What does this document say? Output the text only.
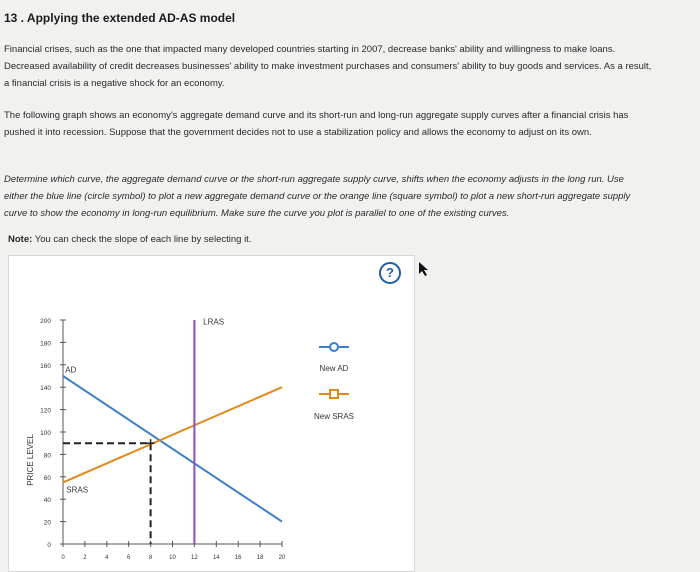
13 . Applying the extended AD-AS model
Financial crises, such as the one that impacted many developed countries starting in 2007, decrease banks' ability and willingness to make loans.
Decreased availability of credit decreases businesses' ability to make investment purchases and consumers' ability to buy goods and services. As a result,
a financial crisis is a negative shock for an economy.
The following graph shows an economy's aggregate demand curve and its short-run and long-run aggregate supply curves after a financial crisis has
pushed it into recession. Suppose that the government decides not to use a stabilization policy and allows the economy to adjust on its own.
Determine which curve, the aggregate demand curve or the short-run aggregate supply curve, shifts when the economy adjusts in the long run. Use
either the blue line (circle symbol) to plot a new aggregate demand curve or the orange line (square symbol) to plot a new short-run aggregate supply
curve to show the economy in long-run equilibrium. Make sure the curve you plot is parallel to one of the existing curves.
Note: You can check the slope of each line by selecting it.
?
0
20
40
60
80
100
120
140
160
180
200
0	2	4	6	8	10	12	14	16	18	20
AD
SRAS
LRAS
PRICE LEVEL
New AD
New SRAS
